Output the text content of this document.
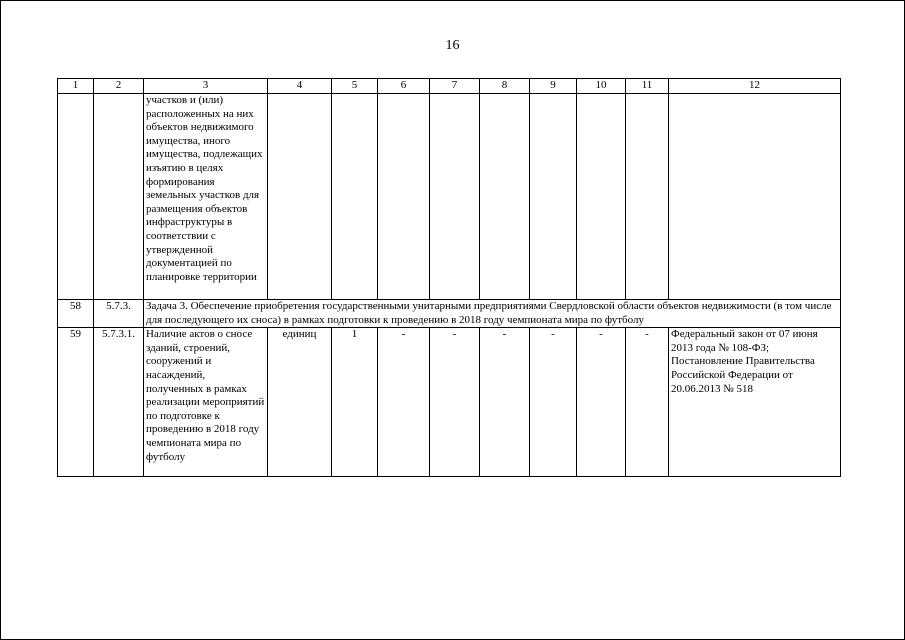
16
1	2	3	4	5	6	7	8	9	10	11	12
		участков и (или) расположенных на них объектов недвижимого имущества, иного имущества, подлежащих изъятию в целях формирования земельных участков для размещения объектов инфраструктуры в соответствии с утвержденной документацией по планировке территории									
58	5.7.3.	Задача 3. Обеспечение приобретения государственными унитарными предприятиями Свердловской области объектов недвижимости (в том числе для последующего их сноса) в рамках подготовки к проведению в 2018 году чемпионата мира по футболу									
59	5.7.3.1.	Наличие актов о сносе зданий, строений, сооружений и насаждений, полученных в рамках реализации мероприятий по подготовке к проведению в 2018 году чемпионата мира по футболу	единиц	1	-	-	-	-	-	-	Федеральный закон от 07 июня 2013 года № 108-ФЗ; Постановление Правительства Российской Федерации от 20.06.2013 № 518
